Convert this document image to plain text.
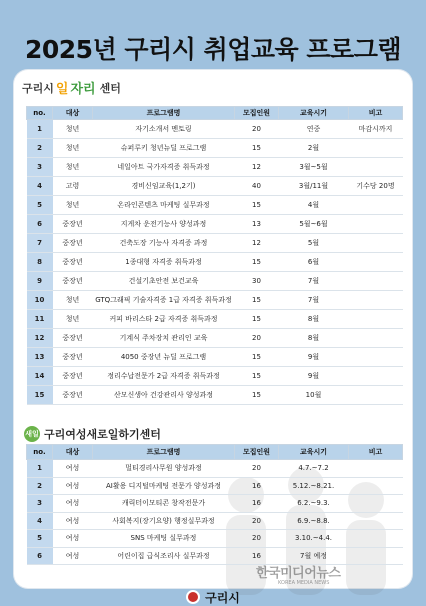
2025년 구리시 취업교육 프로그램
구리시 일 자리 센터
no.	대상	프로그램명	모집인원	교육시기	비고
1	청년	자기소개서 멘토링	20	연중	마감시까지
2	청년	슈퍼루키 청년뉴딜 프로그램	15	2월	
3	청년	네일아트 국가자격증 취득과정	12	3월~5월	
4	고령	경비신임교육(1,2기)	40	3월/11월	기수당 20명
5	청년	온라인콘텐츠 마케팅 실무과정	15	4월	
6	중장년	지게차 운전기능사 양성과정	13	5월~6월	
7	중장년	건축도장 기능사 자격증 과정	12	5월	
8	중장년	1종대형 자격증 취득과정	15	6월	
9	중장년	건설기초안전 보건교육	30	7월	
10	청년	GTQ그래픽 기술자격증 1급 자격증 취득과정	15	7월	
11	청년	커피 바리스타 2급 자격증 취득과정	15	8월	
12	중장년	기계식 주차장치 관리인 교육	20	8월	
13	중장년	4050 중장년 뉴딜 프로그램	15	9월	
14	중장년	정리수납전문가 2급 자격증 취득과정	15	9월	
15	중장년	산모신생아 건강관리사 양성과정	15	10월	
새일 구리여성새로일하기센터
no.	대상	프로그램명	모집인원	교육시기	비고
1	여성	멀티경리사무원 양성과정	20	4.7.~7.2	
2	여성	AI활용 디지털마케팅 전문가 양성과정	16	5.12.~8.21.	
3	여성	캐릭터이모티콘 창작전문가	16	6.2.~9.3.	
4	여성	사회복지(장기요양) 행정실무과정	20	6.9.~8.8.	
5	여성	SNS 마케팅 실무과정	20	3.10.~4.4.	
6	여성	어린이집 급식조리사 실무과정	16	7월 예정	
한국미디어뉴스
KOREA MEDIA NEWS
구리시
